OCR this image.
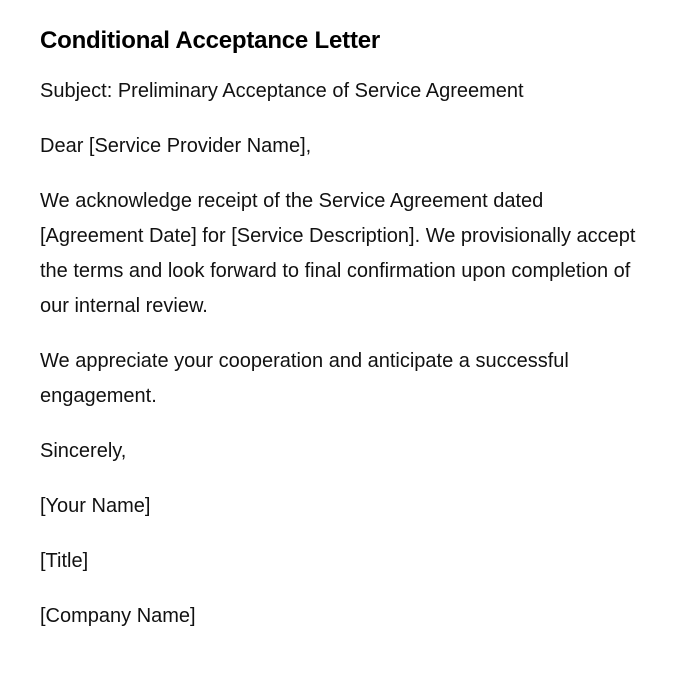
Conditional Acceptance Letter

Subject: Preliminary Acceptance of Service Agreement

Dear [Service Provider Name],

We acknowledge receipt of the Service Agreement dated [Agreement Date] for [Service Description]. We provisionally accept the terms and look forward to final confirmation upon completion of our internal review.

We appreciate your cooperation and anticipate a successful engagement.

Sincerely,

[Your Name]

[Title]

[Company Name]
